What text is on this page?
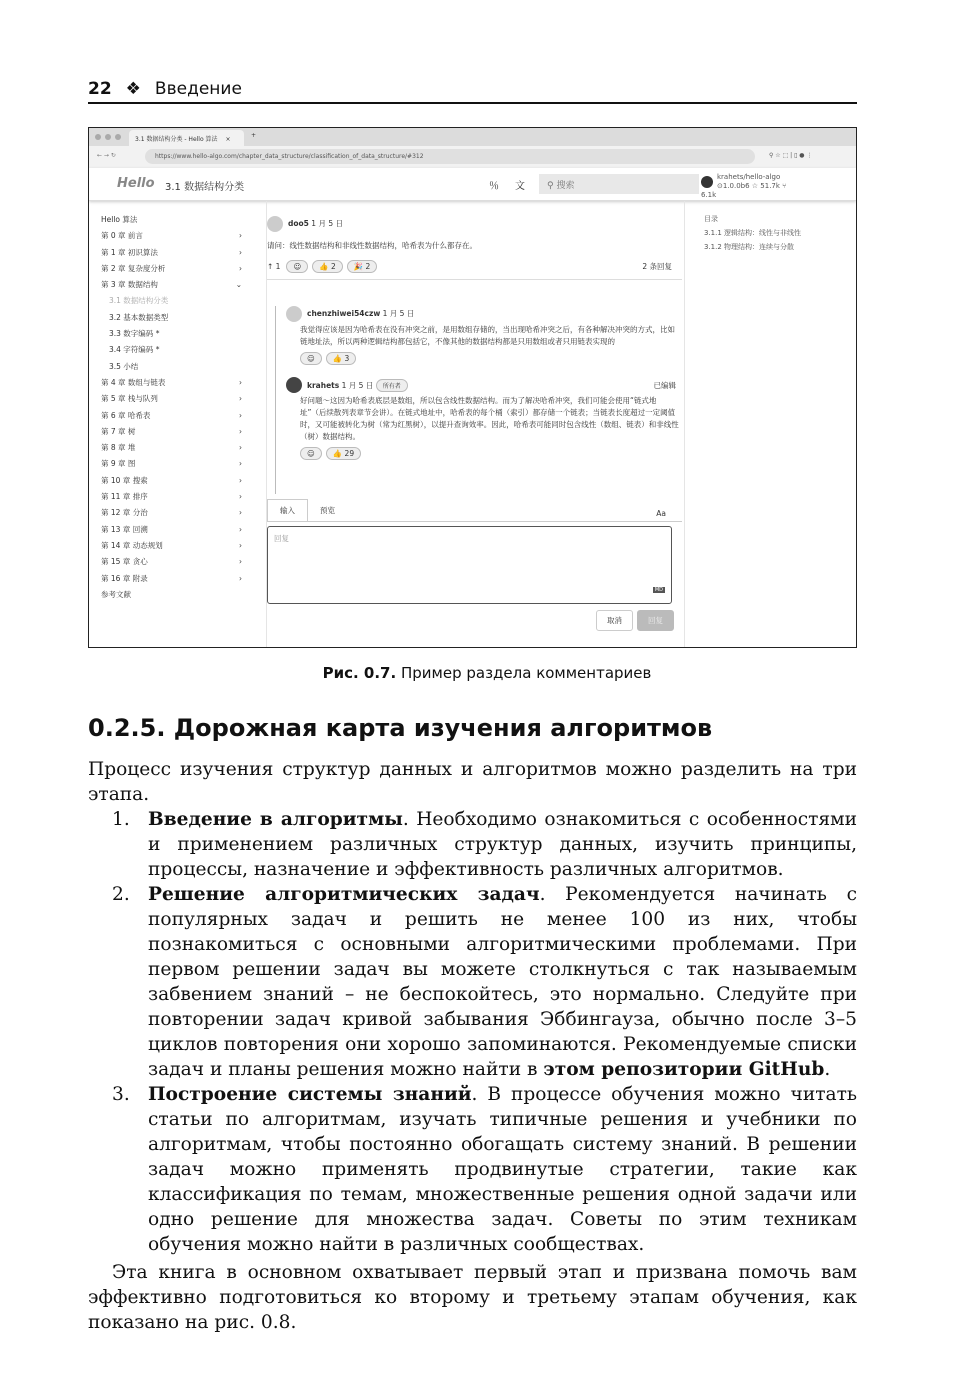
22 ❖ Введение
3.1 数据结构分类 - Hello 算法 ×
+
← → ↻	https://www.hello-algo.com/chapter_data_structure/classification_of_data_structure/#312	⚲ ☆ ⬚ | ▯ ● ⋮
Hello 3.1 数据结构分类	％ 文	⚲ 搜索
krahets/hello-algo
⊙1.0.0b6 ☆ 51.7k ⑂ 6.1k
Hello 算法
第 0 章 前言	›
第 1 章 初识算法	›
第 2 章 复杂度分析	›
第 3 章 数据结构	⌄
3.1 数据结构分类
3.2 基本数据类型
3.3 数字编码 *
3.4 字符编码 *
3.5 小结
第 4 章 数组与链表	›
第 5 章 栈与队列	›
第 6 章 哈希表	›
第 7 章 树	›
第 8 章 堆	›
第 9 章 图	›
第 10 章 搜索	›
第 11 章 排序	›
第 12 章 分治	›
第 13 章 回溯	›
第 14 章 动态规划	›
第 15 章 贪心	›
第 16 章 附录	›
参考文献
doo5 1 月 5 日
请问：线性数据结构和非线性数据结构，哈希表为什么都存在。
↑ 1	☺	👍 2	🎉 2	2 条回复
chenzhiwei54czw 1 月 5 日
我觉得应该是因为哈希表在没有冲突之前，是用数组存储的，当出现哈希冲突之后，有各种解决冲突的方式，比如链地址法，所以两种逻辑结构都包括它，不像其他的数据结构都是只用数组或者只用链表实现的
☺ 👍 3
krahets
1 月 5 日
	所有者	已编辑
好问题～这因为哈希表底层是数组，所以包含线性数据结构。而为了解决哈希冲突，我们可能会使用“链式地址”（后续散列表章节会讲）。在链式地址中，哈希表的每个桶（索引）都存储一个链表；当链表长度超过一定阈值时，又可能被转化为树（常为红黑树），以提升查询效率。因此，哈希表可能同时包含线性（数组、链表）和非线性（树）数据结构。
☺ 👍 29
输入	预览	Aa
回复
MD
取消	回复
目录
3.1.1 逻辑结构：线性与非线性
3.1.2 物理结构：连续与分散
Рис. 0.7. Пример раздела комментариев
0.2.5. Дорожная карта изучения алгоритмов

Процесс изучения структур данных и алгоритмов можно разделить на три этапа.

1. Введение в алгоритмы. Необходимо ознакомиться с особенностями и применением различных структур данных, изучить принципы, процессы, назначение и эффективность различных алгоритмов.
2. Решение алгоритмических задач. Рекомендуется начинать с популярных задач и решить не менее 100 из них, чтобы познакомиться с основными алгоритмическими проблемами. При первом решении задач вы можете столкнуться с так называемым забвением знаний – не беспокойтесь, это нормально. Следуйте при повторении задач кривой забывания Эббингауза, обычно после 3–5 циклов повторения они хорошо запоминаются. Рекомендуемые списки задач и планы решения можно найти в этом репозитории GitHub.
3. Построение системы знаний. В процессе обучения можно читать статьи по алгоритмам, изучать типичные решения и учебники по алгоритмам, чтобы постоянно обогащать систему знаний. В решении задач можно применять продвинутые стратегии, такие как классификация по темам, множественные решения одной задачи или одно решение для множества задач. Советы по этим техникам обучения можно найти в различных сообществах.

Эта книга в основном охватывает первый этап и призвана помочь вам эффективно подготовиться ко второму и третьему этапам обучения, как показано на рис. 0.8.
